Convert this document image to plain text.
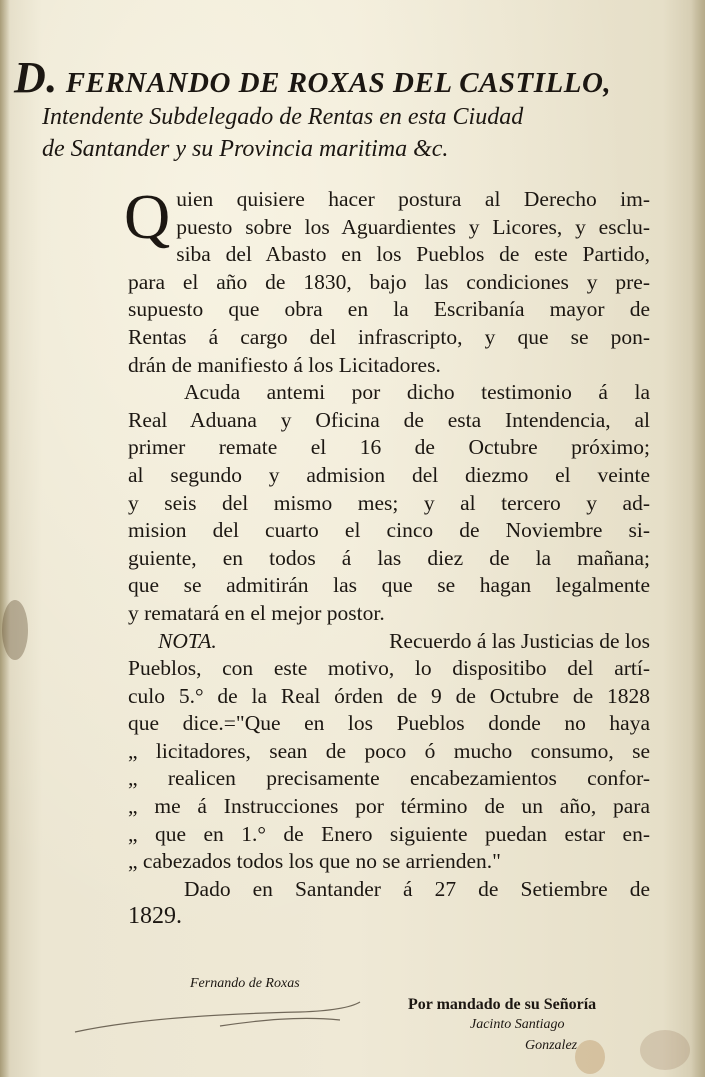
D. FERNANDO DE ROXAS DEL CASTILLO,
Intendente Subdelegado de Rentas en esta Ciudad
de Santander y su Provincia maritima &c.
Q uien quisiere hacer postura al Derecho im-
puesto sobre los Aguardientes y Licores, y esclu-
siba del Abasto en los Pueblos de este Partido,
para el año de 1830, bajo las condiciones y pre-
supuesto que obra en la Escribanía mayor de
Rentas á cargo del infrascripto, y que se pon-
drán de manifiesto á los Licitadores.
Acuda antemi por dicho testimonio á la
Real Aduana y Oficina de esta Intendencia, al
primer remate el 16 de Octubre próximo;
al segundo y admision del diezmo el veinte
y seis del mismo mes; y al tercero y ad-
mision del cuarto el cinco de Noviembre si-
guiente, en todos á las diez de la mañana;
que se admitirán las que se hagan legalmente
y rematará en el mejor postor.
NOTA.	Recuerdo á las Justicias de los
Pueblos, con este motivo, lo dispositibo del artí-
culo 5.° de la Real órden de 9 de Octubre de 1828
que dice.="Que en los Pueblos donde no haya
„ licitadores, sean de poco ó mucho consumo, se
„ realicen precisamente encabezamientos confor-
„ me á Instrucciones por término de un año, para
„ que en 1.° de Enero siguiente puedan estar en-
„ cabezados todos los que no se arrienden."
Dado en Santander á 27 de Setiembre de
1829.
Fernando de Roxas
Por mandado de su Señoría
Jacinto Santiago
Gonzalez
